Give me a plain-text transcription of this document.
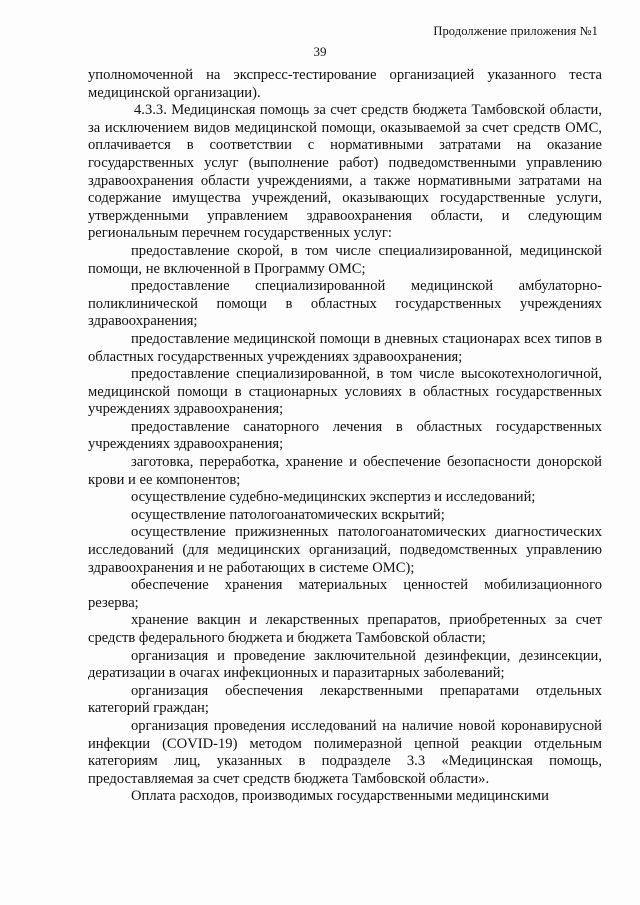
Продолжение приложения №1
39

уполномоченной на экспресс-тестирование организацией указанного теста медицинской организации).

4.3.3. Медицинская помощь за счет средств бюджета Тамбовской области, за исключением видов медицинской помощи, оказываемой за счет средств ОМС, оплачивается в соответствии с нормативными затратами на оказание государственных услуг (выполнение работ) подведомственными управлению здравоохранения области учреждениями, а также нормативными затратами на содержание имущества учреждений, оказывающих государственные услуги, утвержденными управлением здравоохранения области, и следующим региональным перечнем государственных услуг:

предоставление скорой, в том числе специализированной, медицинской помощи, не включенной в Программу ОМС;

предоставление специализированной медицинской амбулаторно-поликлинической помощи в областных государственных учреждениях здравоохранения;

предоставление медицинской помощи в дневных стационарах всех типов в областных государственных учреждениях здравоохранения;

предоставление специализированной, в том числе высокотехнологичной, медицинской помощи в стационарных условиях в областных государственных учреждениях здравоохранения;

предоставление санаторного лечения в областных государственных учреждениях здравоохранения;

заготовка, переработка, хранение и обеспечение безопасности донорской крови и ее компонентов;

осуществление судебно-медицинских экспертиз и исследований;

осуществление патологоанатомических вскрытий;

осуществление прижизненных патологоанатомических диагностических исследований (для медицинских организаций, подведомственных управлению здравоохранения и не работающих в системе ОМС);

обеспечение хранения материальных ценностей мобилизационного резерва;

хранение вакцин и лекарственных препаратов, приобретенных за счет средств федерального бюджета и бюджета Тамбовской области;

организация и проведение заключительной дезинфекции, дезинсекции, дератизации в очагах инфекционных и паразитарных заболеваний;

организация обеспечения лекарственными препаратами отдельных категорий граждан;

организация проведения исследований на наличие новой коронавирусной инфекции (COVID-19) методом полимеразной цепной реакции отдельным категориям лиц, указанных в подразделе 3.3 «Медицинская помощь, предоставляемая за счет средств бюджета Тамбовской области».

Оплата расходов, производимых государственными медицинскими
